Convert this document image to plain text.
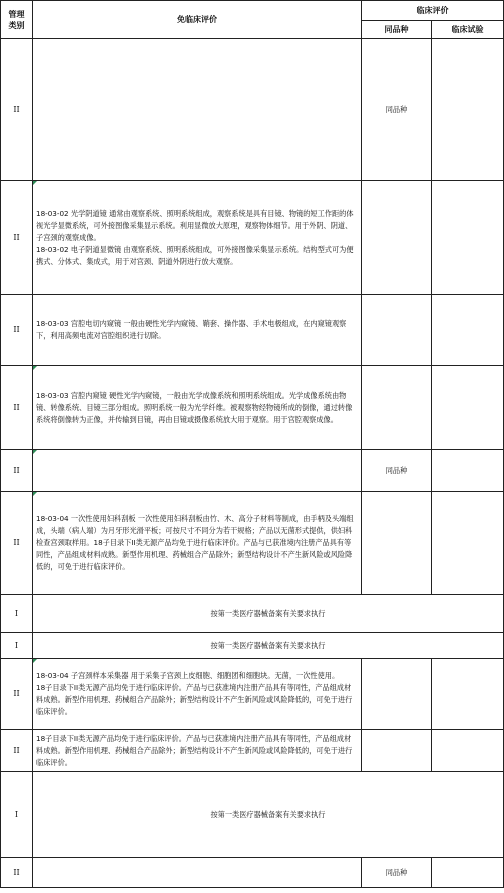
管理
类别	免临床评价	临床评价	
		同品种	临床试验
II		同品种	
II	18-03-02 光学阴道镜 通常由观察系统、照明系统组成，观察系统是具有目镜、物镜的短工作距的体视光学显微系统，可外接图像采集显示系统。利用显微放大原理，观察物体细节。用于外阴、阴道、子宫颈的观察成像。

18-03-02 电子阴道显微镜 由观察系统、照明系统组成，可外接图像采集显示系统。结构型式可为便携式、分体式、集成式，用于对宫颈、阴道外阴进行放大观察。		

II	18-03-03 宫腔电切内窥镜 一般由硬性光学内窥镜、鞘套、操作器、手术电极组成，在内窥镜观察下，利用高频电流对宫腔组织进行切除。		

II	18-03-03 宫腔内窥镜 硬性光学内窥镜，一般由光学成像系统和照明系统组成。光学成像系统由物镜、转像系统、目镜三部分组成。照明系统一般为光学纤维。被观察物经物镜所成的倒像，通过转像系统将倒像转为正像，并传输到目镜，再由目镜或摄像系统放大用于观察。用于宫腔观察成像。		

II		同品种	
II	18-03-04 一次性使用妇科刮板 一次性使用妇科刮板由竹、木、高分子材料等制成，由手柄及头端组成，头端（病人端）为月牙形光滑平板；可按尺寸不同分为若干规格；产品以无菌形式提供，供妇科检查宫颈取样用。18子目录下II类无源产品均免于进行临床评价。产品与已获准境内注册产品具有等同性，产品组成材料成熟。新型作用机理、药械组合产品除外；新型结构设计不产生新风险或风险降低的，可免于进行临床评价。		

I	按第一类医疗器械备案有关要求执行		
I	按第一类医疗器械备案有关要求执行		
II	18-03-04 子宫颈样本采集器 用于采集子宫颈上皮细胞、细胞团和细胞块。无菌，一次性使用。

18子目录下II类无源产品均免于进行临床评价。产品与已获准境内注册产品具有等同性，产品组成材料成熟。新型作用机理、药械组合产品除外；新型结构设计不产生新风险或风险降低的，可免于进行临床评价。		

II	18子目录下II类无源产品均免于进行临床评价。产品与已获准境内注册产品具有等同性，产品组成材料成熟。新型作用机理、药械组合产品除外；新型结构设计不产生新风险或风险降低的，可免于进行临床评价。		

I	按第一类医疗器械备案有关要求执行		
II		同品种	
